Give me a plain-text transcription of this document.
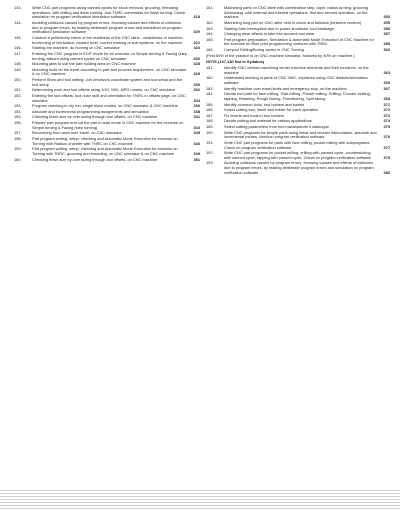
143.	Write CNC part programs using canned cycles for stock removal, grooving, threading operations, with drilling and finish turning. Use TNRC commands for finish turning. Check simulation on program verification/ simulation software	318
144.	Avoiding collisions caused by program errors. Knowing causes and effects of collisions due to program errors, by making deliberate program errors and simulation on program verification/ simulation software	320
145.	Conduct a preliminary check of the readiness of the CNC lathe - cleanliness of machine, functioning of lubrication, coolant level, correct working of sub-systems, on the machine	322
146.	Starting the machine, do homing on CNC simulator	324
147.	Entering the CNC program in EDIT mode for an exercise on Simple turning & Facing (step turning) without using canned cycles on CNC simulator	326
148.	Mounting jaws to suit the part holding area on CNC machine	328
149.	Mounting tools on the turret according to part and process requirement, on CNC simulator & on CNC machine	329
150.	Perform Work and tool setting: Job zero/work coordinate system and tool setup and live tool setup	330
151.	Determining work and tool offsets using JOG, MDI, MPG modes, on CNC simulator	332
152.	Entering the tool offsets, tool nose radii and orientation for TNRC in offsets page, on CNC simulator	334
153.	Program checking in dry run, single block modes, on CNC simulator & CNC machine	336
154.	Absolute and incremental programming assignments and simulation	338
155.	Checking finish size by over sizing through tool offsets, on CNC machine	341
156.	Prepare part program and cut the part in auto mode in CNC machine for the exercise on Simple turning & Facing (step turning)	343
157.	Recovering from axes over travel, on CNC simulator	345
158.	Part program writing, setup, checking and Automatic Mode Execution for exercise on Turning with Radius/ chamfer with TNRC on CNC machine	346
159.	Part program writing, setup, checking and Automatic Mode Execution for exercise on Turning with TNRC, grooving and threading, on CNC simulator & on CNC machine	349
160.	Checking finish size by over sizing through tool offsets, on CNC machine	351
161.	Machining parts on CNC lathe with combination step, taper, radius turning, grooving &threading, with external and internal operations, first and second operation, on the machine	353
162.	Machining long part on CNC lathe held in chuck and tailstock (between centers)	355
163.	Starting from interruption due to power shutdown, tool breakage	356
164.	Changing wear offsets to take into account tool wear	357
165.	Part program preparation, Simulation & Automatic Mode Execution of CNC Machine for the exercise on Blue print programming contours with TNRC	358
166.	Carryout Drilling/Boring cycles in CNC Turning	360
(First 60% of the practice is on CNC machine simulator, followed by 40% on machine.)
NOTE-(167-180 Not in Syllabus)
181.	Identify CNC vertical machining center machine elements and their functions, on the machine	363
182.	Understand working of parts of CNC VMC, explained using CNC didactic/simulation software	365
183.	Identify machine over travel limits and emergency stop, on the machine	367
184.	Decide tool path for face milling, Side milling, Pocket milling, Drilling, Counter sinking, tapping, Reaming, Rough Boring, Finishboring, Spot facing	368
185.	Identify common tools, tool holders and inserts	371
186.	Select cutting tool, insert and holder for each operation	372
187.	Fix inserts and tools in tool holders	373
188.	Decide cutting tool material for various applications	374
189.	Select cutting parameters from tool manufacturer's catalogue	375
190.	Write CNC programs for simple parts using linear and circular interpolation, absolute and incremental modes, checkon program verification software	376
191.	Write CNC part programs for parts with face milling, pocket milling with subprograms. Check on program verification software	377
192.	Write CNC part programs for pocket milling, drilling with canned cycle, countersinking with canned cycle, tapping with canned cycle. Check on program verification software	379
193.	Avoiding collisions caused by program errors. Knowing causes and effects of collisions due to program errors, by making deliberate program errors and simulation on program verification software	380
